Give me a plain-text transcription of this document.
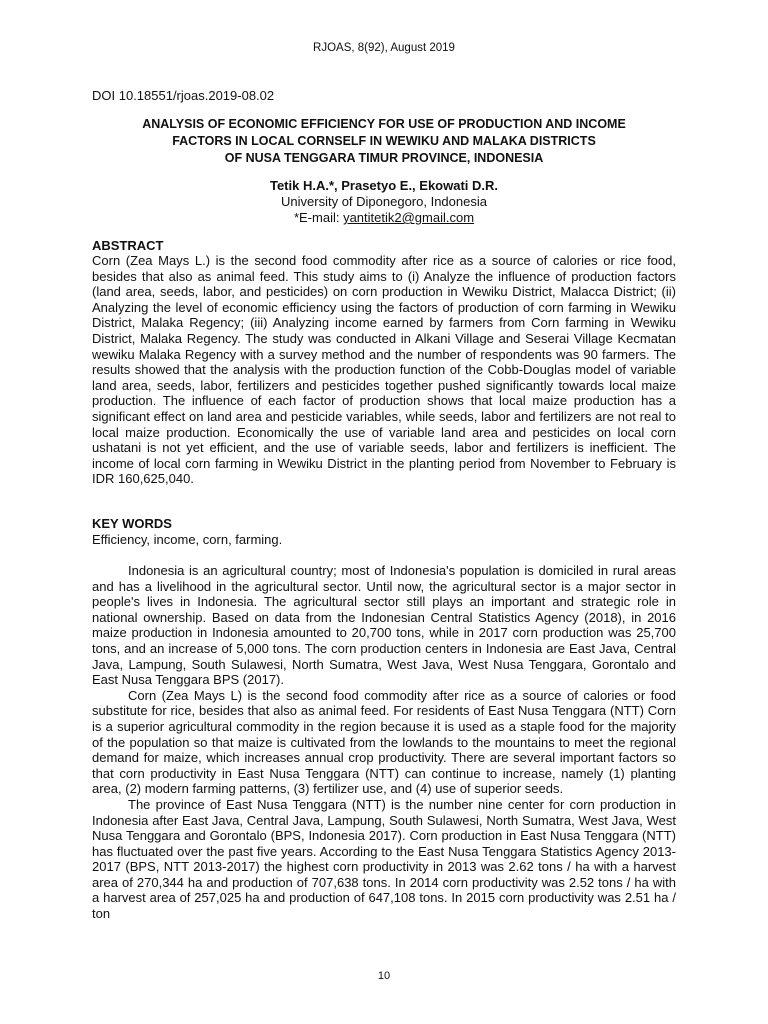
RJOAS, 8(92), August 2019
DOI 10.18551/rjoas.2019-08.02
ANALYSIS OF ECONOMIC EFFICIENCY FOR USE OF PRODUCTION AND INCOME
FACTORS IN LOCAL CORNSELF IN WEWIKU AND MALAKA DISTRICTS
OF NUSA TENGGARA TIMUR PROVINCE, INDONESIA
Tetik H.A.*, Prasetyo E., Ekowati D.R.
University of Diponegoro, Indonesia
*E-mail: yantitetik2@gmail.com
ABSTRACT

Corn (Zea Mays L.) is the second food commodity after rice as a source of calories or rice food, besides that also as animal feed. This study aims to (i) Analyze the influence of production factors (land area, seeds, labor, and pesticides) on corn production in Wewiku District, Malacca District; (ii) Analyzing the level of economic efficiency using the factors of production of corn farming in Wewiku District, Malaka Regency; (iii) Analyzing income earned by farmers from Corn farming in Wewiku District, Malaka Regency. The study was conducted in Alkani Village and Seserai Village Kecmatan wewiku Malaka Regency with a survey method and the number of respondents was 90 farmers. The results showed that the analysis with the production function of the Cobb-Douglas model of variable land area, seeds, labor, fertilizers and pesticides together pushed significantly towards local maize production. The influence of each factor of production shows that local maize production has a significant effect on land area and pesticide variables, while seeds, labor and fertilizers are not real to local maize production. Economically the use of variable land area and pesticides on local corn ushatani is not yet efficient, and the use of variable seeds, labor and fertilizers is inefficient. The income of local corn farming in Wewiku District in the planting period from November to February is IDR 160,625,040.

KEY WORDS
Efficiency, income, corn, farming.

Indonesia is an agricultural country; most of Indonesia's population is domiciled in rural areas and has a livelihood in the agricultural sector. Until now, the agricultural sector is a major sector in people's lives in Indonesia. The agricultural sector still plays an important and strategic role in national ownership. Based on data from the Indonesian Central Statistics Agency (2018), in 2016 maize production in Indonesia amounted to 20,700 tons, while in 2017 corn production was 25,700 tons, and an increase of 5,000 tons. The corn production centers in Indonesia are East Java, Central Java, Lampung, South Sulawesi, North Sumatra, West Java, West Nusa Tenggara, Gorontalo and East Nusa Tenggara BPS (2017).

Corn (Zea Mays L) is the second food commodity after rice as a source of calories or food substitute for rice, besides that also as animal feed. For residents of East Nusa Tenggara (NTT) Corn is a superior agricultural commodity in the region because it is used as a staple food for the majority of the population so that maize is cultivated from the lowlands to the mountains to meet the regional demand for maize, which increases annual crop productivity. There are several important factors so that corn productivity in East Nusa Tenggara (NTT) can continue to increase, namely (1) planting area, (2) modern farming patterns, (3) fertilizer use, and (4) use of superior seeds.

The province of East Nusa Tenggara (NTT) is the number nine center for corn production in Indonesia after East Java, Central Java, Lampung, South Sulawesi, North Sumatra, West Java, West Nusa Tenggara and Gorontalo (BPS, Indonesia 2017). Corn production in East Nusa Tenggara (NTT) has fluctuated over the past five years. According to the East Nusa Tenggara Statistics Agency 2013-2017 (BPS, NTT 2013-2017) the highest corn productivity in 2013 was 2.62 tons / ha with a harvest area of 270,344 ha and production of 707,638 tons. In 2014 corn productivity was 2.52 tons / ha with a harvest area of 257,025 ha and production of 647,108 tons. In 2015 corn productivity was 2.51 ha / ton

10
